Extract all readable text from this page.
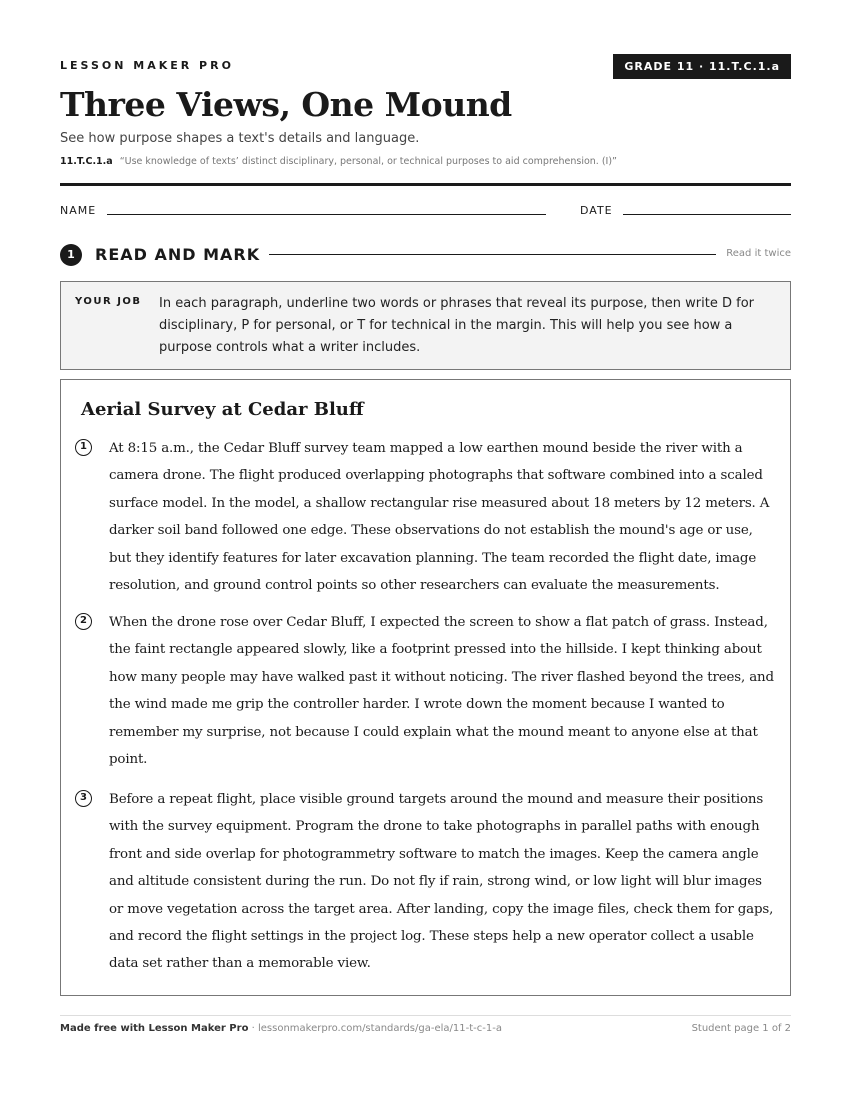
LESSON MAKER PRO	GRADE 11 · 11.T.C.1.a
Three Views, One Mound
See how purpose shapes a text's details and language.
11.T.C.1.a “Use knowledge of texts’ distinct disciplinary, personal, or technical purposes to aid comprehension. (I)”
NAME	DATE
1	READ AND MARK	Read it twice
YOUR JOB In each paragraph, underline two words or phrases that reveal its purpose, then write D for disciplinary, P for personal, or T for technical in the margin. This will help you see how a purpose controls what a writer includes.
Aerial Survey at Cedar Bluff
1	At 8:15 a.m., the Cedar Bluff survey team mapped a low earthen mound beside the river with a camera drone. The flight produced overlapping photographs that software combined into a scaled surface model. In the model, a shallow rectangular rise measured about 18 meters by 12 meters. A darker soil band followed one edge. These observations do not establish the mound's age or use, but they identify features for later excavation planning. The team recorded the flight date, image resolution, and ground control points so other researchers can evaluate the measurements.

2	When the drone rose over Cedar Bluff, I expected the screen to show a flat patch of grass. Instead, the faint rectangle appeared slowly, like a footprint pressed into the hillside. I kept thinking about how many people may have walked past it without noticing. The river flashed beyond the trees, and the wind made me grip the controller harder. I wrote down the moment because I wanted to remember my surprise, not because I could explain what the mound meant to anyone else at that point.

3	Before a repeat flight, place visible ground targets around the mound and measure their positions with the survey equipment. Program the drone to take photographs in parallel paths with enough front and side overlap for photogrammetry software to match the images. Keep the camera angle and altitude consistent during the run. Do not fly if rain, strong wind, or low light will blur images or move vegetation across the target area. After landing, copy the image files, check them for gaps, and record the flight settings in the project log. These steps help a new operator collect a usable data set rather than a memorable view.

Made free with Lesson Maker Pro · lessonmakerpro.com/standards/ga-ela/11-t-c-1-a	Student page 1 of 2
